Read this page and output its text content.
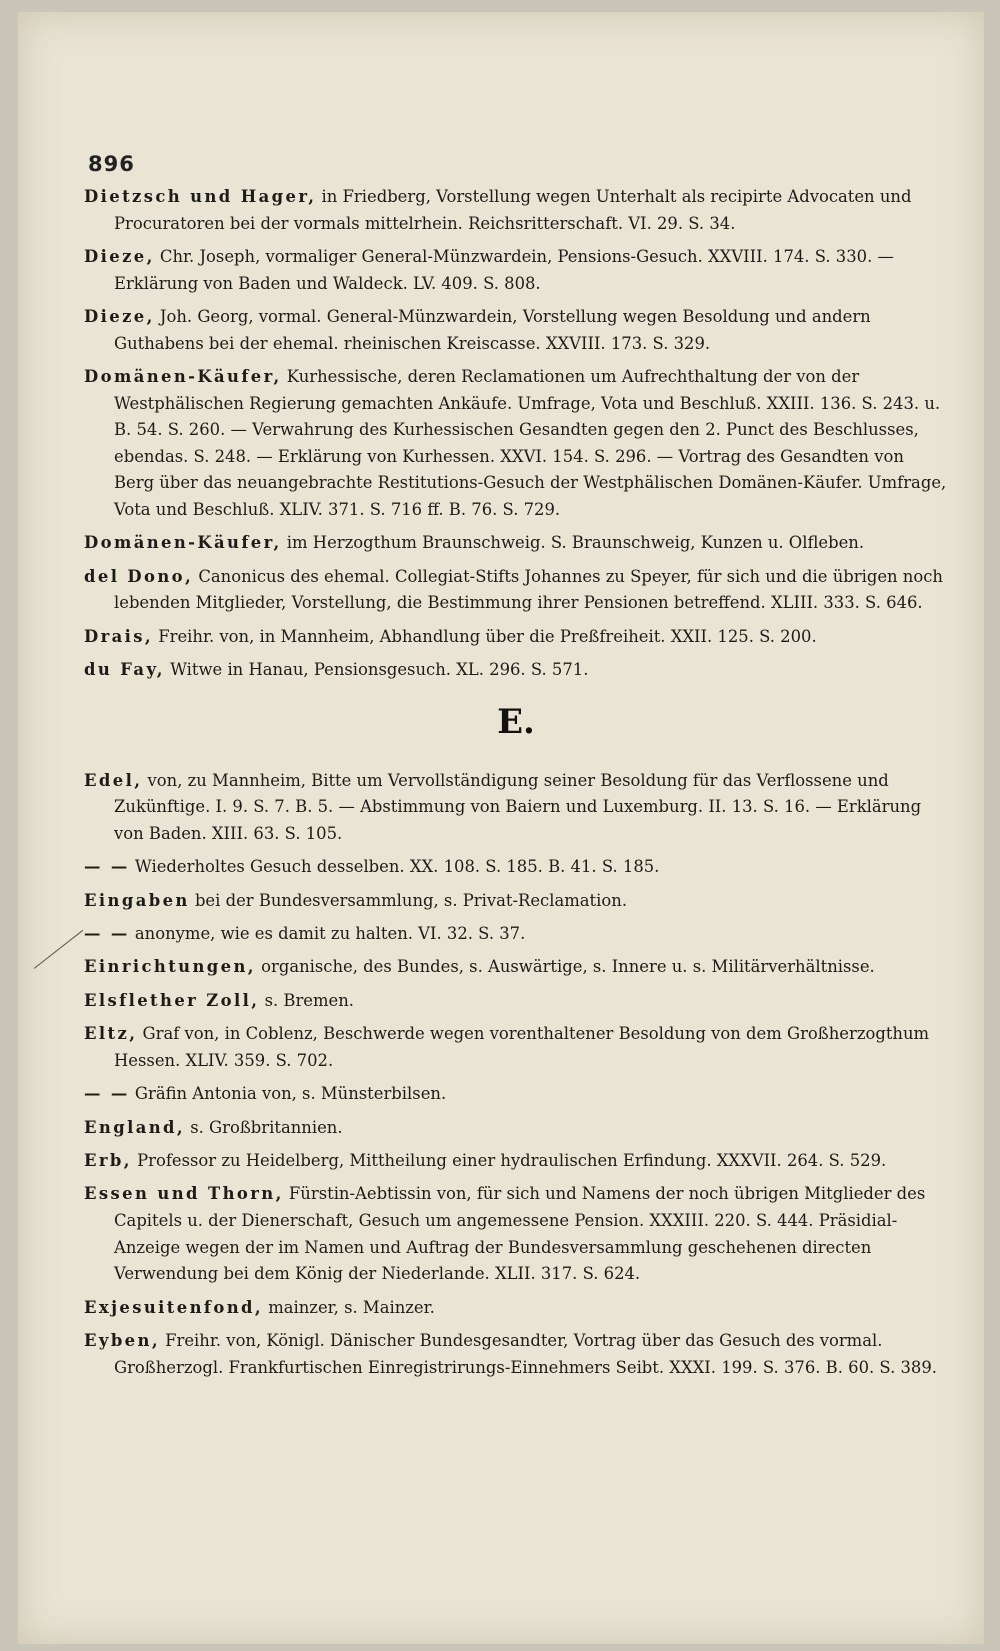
896

Dietzsch und Hager, in Friedberg, Vorstellung wegen Unterhalt als recipirte Advocaten und Procuratoren bei der vormals mittelrhein. Reichsritterschaft. VI. 29. S. 34.

Dieze, Chr. Joseph, vormaliger General-Münzwardein, Pensions-Gesuch. XXVIII. 174. S. 330. — Erklärung von Baden und Waldeck. LV. 409. S. 808.

Dieze, Joh. Georg, vormal. General-Münzwardein, Vorstellung wegen Besoldung und andern Guthabens bei der ehemal. rheinischen Kreiscasse. XXVIII. 173. S. 329.

Domänen-Käufer, Kurhessische, deren Reclamationen um Aufrechthaltung der von der Westphälischen Regierung gemachten Ankäufe. Umfrage, Vota und Beschluß. XXIII. 136. S. 243. u. B. 54. S. 260. — Verwahrung des Kurhessischen Gesandten gegen den 2. Punct des Beschlusses, ebendas. S. 248. — Erklärung von Kurhessen. XXVI. 154. S. 296. — Vortrag des Gesandten von Berg über das neuangebrachte Restitutions-Gesuch der Westphälischen Domänen-Käufer. Umfrage, Vota und Beschluß. XLIV. 371. S. 716 ff. B. 76. S. 729.

Domänen-Käufer, im Herzogthum Braunschweig. S. Braunschweig, Kunzen u. Olfleben.

del Dono, Canonicus des ehemal. Collegiat-Stifts Johannes zu Speyer, für sich und die übrigen noch lebenden Mitglieder, Vorstellung, die Bestimmung ihrer Pensionen betreffend. XLIII. 333. S. 646.

Drais, Freihr. von, in Mannheim, Abhandlung über die Preßfreiheit. XXII. 125. S. 200.

du Fay, Witwe in Hanau, Pensionsgesuch. XL. 296. S. 571.

E.

Edel, von, zu Mannheim, Bitte um Vervollständigung seiner Besoldung für das Verflossene und Zukünftige. I. 9. S. 7. B. 5. — Abstimmung von Baiern und Luxemburg. II. 13. S. 16. — Erklärung von Baden. XIII. 63. S. 105.

— — Wiederholtes Gesuch desselben. XX. 108. S. 185. B. 41. S. 185.

Eingaben bei der Bundesversammlung, s. Privat-Reclamation.

— — anonyme, wie es damit zu halten. VI. 32. S. 37.

Einrichtungen, organische, des Bundes, s. Auswärtige, s. Innere u. s. Militärverhältnisse.

Elsflether Zoll, s. Bremen.

Eltz, Graf von, in Coblenz, Beschwerde wegen vorenthaltener Besoldung von dem Großherzogthum Hessen. XLIV. 359. S. 702.

— — Gräfin Antonia von, s. Münsterbilsen.

England, s. Großbritannien.

Erb, Professor zu Heidelberg, Mittheilung einer hydraulischen Erfindung. XXXVII. 264. S. 529.

Essen und Thorn, Fürstin-Aebtissin von, für sich und Namens der noch übrigen Mitglieder des Capitels u. der Dienerschaft, Gesuch um angemessene Pension. XXXIII. 220. S. 444. Präsidial-Anzeige wegen der im Namen und Auftrag der Bundesversammlung geschehenen directen Verwendung bei dem König der Niederlande. XLII. 317. S. 624.

Exjesuitenfond, mainzer, s. Mainzer.

Eyben, Freihr. von, Königl. Dänischer Bundesgesandter, Vortrag über das Gesuch des vormal. Großherzogl. Frankfurtischen Einregistrirungs-Einnehmers Seibt. XXXI. 199. S. 376. B. 60. S. 389.
